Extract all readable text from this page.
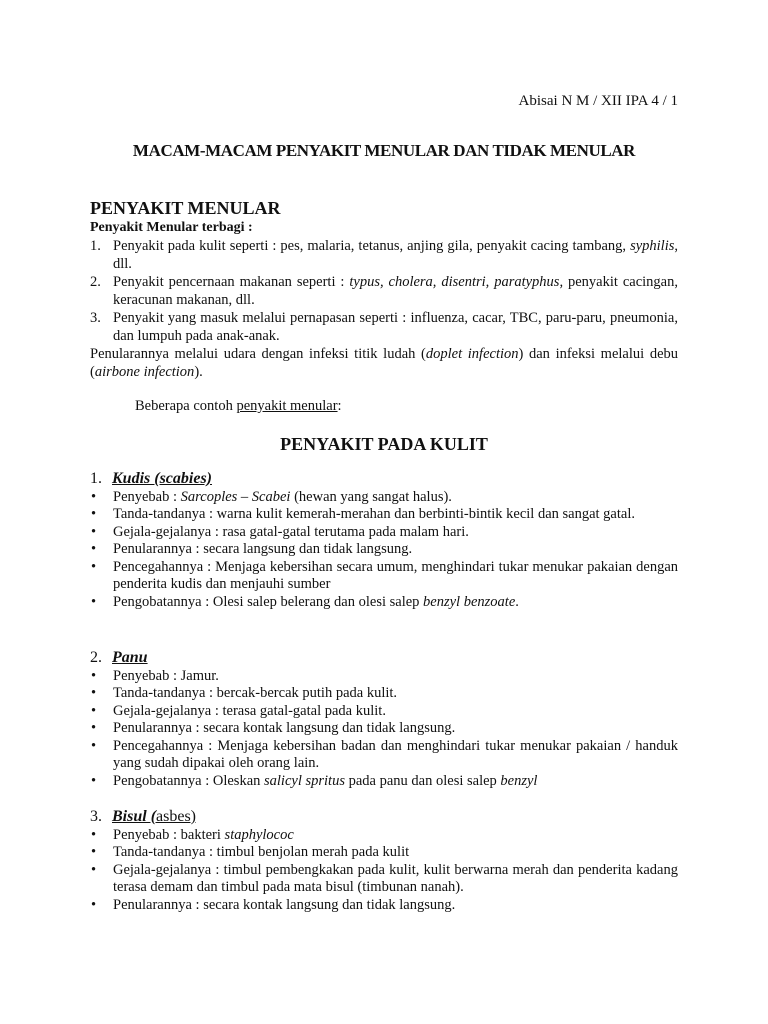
Abisai N M / XII IPA 4 / 1
MACAM-MACAM PENYAKIT MENULAR DAN TIDAK MENULAR
PENYAKIT MENULAR
Penyakit Menular terbagi :
1. Penyakit pada kulit seperti : pes, malaria, tetanus, anjing gila, penyakit cacing tambang, syphilis, dll.
2. Penyakit pencernaan makanan seperti : typus, cholera, disentri, paratyphus, penyakit cacingan, keracunan makanan, dll.
3. Penyakit yang masuk melalui pernapasan seperti : influenza, cacar, TBC, paru-paru, pneumonia, dan lumpuh pada anak-anak.

Penularannya melalui udara dengan infeksi titik ludah (doplet infection) dan infeksi melalui debu (airbone infection).

Beberapa contoh penyakit menular:
PENYAKIT PADA KULIT
1. Kudis (scabies)
• Penyebab : Sarcoples – Scabei (hewan yang sangat halus).
• Tanda-tandanya : warna kulit kemerah-merahan dan berbinti-bintik kecil dan sangat gatal.
• Gejala-gejalanya : rasa gatal-gatal terutama pada malam hari.
• Penularannya : secara langsung dan tidak langsung.
• Pencegahannya : Menjaga kebersihan secara umum, menghindari tukar menukar pakaian dengan penderita kudis dan menjauhi sumber
• Pengobatannya : Olesi salep belerang dan olesi salep benzyl benzoate.
2. Panu
• Penyebab : Jamur.
• Tanda-tandanya : bercak-bercak putih pada kulit.
• Gejala-gejalanya : terasa gatal-gatal pada kulit.
• Penularannya : secara kontak langsung dan tidak langsung.
• Pencegahannya : Menjaga kebersihan badan dan menghindari tukar menukar pakaian / handuk yang sudah dipakai oleh orang lain.
• Pengobatannya : Oleskan salicyl spritus pada panu dan olesi salep benzyl
3. Bisul ( asbes)
• Penyebab : bakteri staphylococ
• Tanda-tandanya : timbul benjolan merah pada kulit
• Gejala-gejalanya : timbul pembengkakan pada kulit, kulit berwarna merah dan penderita kadang terasa demam dan timbul pada mata bisul (timbunan nanah).
• Penularannya : secara kontak langsung dan tidak langsung.
